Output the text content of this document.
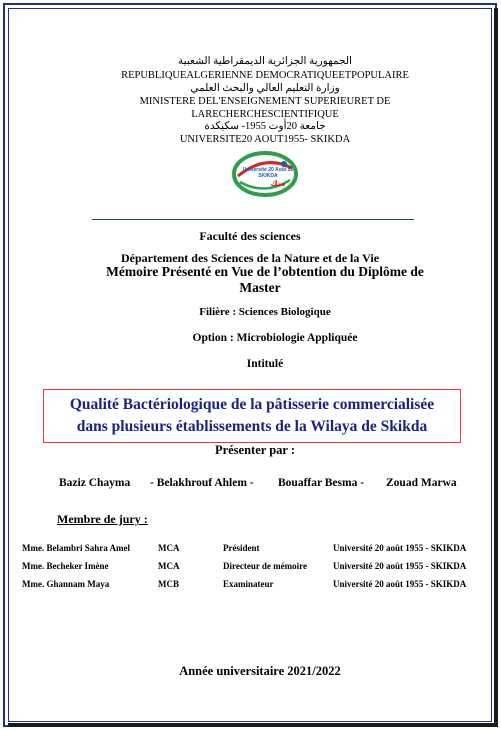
الجمهورية الجزائرية الديمقراطية الشعبية
REPUBLIQUEALGERIENNE DEMOCRATIQUEETPOPULAIRE
وزارة التعليم العالي والبحث العلمي
MINISTERE DEL'ENSEIGNEMENT SUPERIEURET DE
LARECHERCHESCIENTIFIQUE
جامعة 20أوت 1955- سكيكدة
UNIVERSITE20 AOUT1955- SKIKDA
Université 20 Août 55
SKIKDA
سك
Faculté des sciences
Département des Sciences de la Nature et de la Vie
Mémoire Présenté en Vue de l’obtention du Diplôme de
Master
Filière : Sciences Biologique
Option : Microbiologie Appliquée
Intitulé
Qualité Bactériologique de la pâtisserie commercialisée
dans plusieurs établissements de la Wilaya de Skikda
Présenter par :
Baziz Chayma - Belakhrouf Ahlem - Bouaffar Besma - Zouad Marwa
Membre de jury :
Mme. Belambri Sahra Amel	MCA	Président	Université 20 août 1955 - SKIKDA
Mme. Becheker Imène	MCA	Directeur de mémoire	Université 20 août 1955 - SKIKDA
Mme. Ghannam Maya	MCB	Examinateur	Université 20 août 1955 - SKIKDA
Année universitaire 2021/2022
